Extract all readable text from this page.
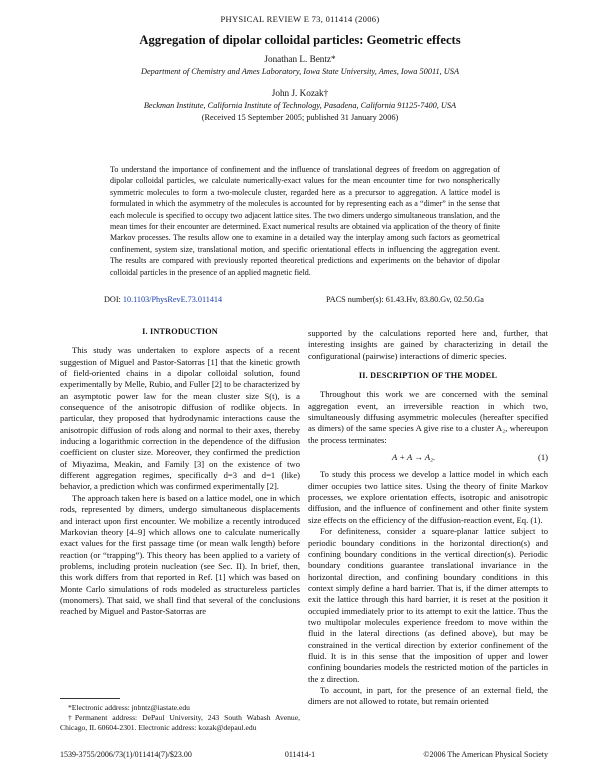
PHYSICAL REVIEW E 73, 011414 (2006)
Aggregation of dipolar colloidal particles: Geometric effects
Jonathan L. Bentz*
Department of Chemistry and Ames Laboratory, Iowa State University, Ames, Iowa 50011, USA
John J. Kozak†
Beckman Institute, California Institute of Technology, Pasadena, California 91125-7400, USA
(Received 15 September 2005; published 31 January 2006)
To understand the importance of confinement and the influence of translational degrees of freedom on aggregation of dipolar colloidal particles, we calculate numerically-exact values for the mean encounter time for two nonspherically symmetric molecules to form a two-molecule cluster, regarded here as a precursor to aggregation. A lattice model is formulated in which the asymmetry of the molecules is accounted for by representing each as a “dimer” in the sense that each molecule is specified to occupy two adjacent lattice sites. The two dimers undergo simultaneous translation, and the mean times for their encounter are determined. Exact numerical results are obtained via application of the theory of finite Markov processes. The results allow one to examine in a detailed way the interplay among such factors as geometrical confinement, system size, translational motion, and specific orientational effects in influencing the aggregation event. The results are compared with previously reported theoretical predictions and experiments on the behavior of dipolar colloidal particles in the presence of an applied magnetic field.
DOI: 10.1103/PhysRevE.73.011414	PACS number(s): 61.43.Hv, 83.80.Gv, 02.50.Ga

I. INTRODUCTION

This study was undertaken to explore aspects of a recent suggestion of Miguel and Pastor-Satorras [1] that the kinetic growth of field-oriented chains in a dipolar colloidal solution, found experimentally by Melle, Rubio, and Fuller [2] to be characterized by an asymptotic power law for the mean cluster size S(t), is a consequence of the anisotropic diffusion of rodlike objects. In particular, they proposed that hydrodynamic interactions cause the anisotropic diffusion of rods along and normal to their axes, thereby inducing a logarithmic correction in the dependence of the diffusion coefficient on cluster size. Moreover, they confirmed the prediction of Miyazima, Meakin, and Family [3] on the existence of two different aggregation regimes, specifically d=3 and d=1 (like) behavior, a prediction which was confirmed experimentally [2].

The approach taken here is based on a lattice model, one in which rods, represented by dimers, undergo simultaneous displacements and interact upon first encounter. We mobilize a recently introduced Markovian theory [4–9] which allows one to calculate numerically exact values for the first passage time (or mean walk length) before reaction (or “trapping”). This theory has been applied to a variety of problems, including protein nucleation (see Sec. II). In brief, then, this work differs from that reported in Ref. [1] which was based on Monte Carlo simulations of rods modeled as structureless particles (monomers). That said, we shall find that several of the conclusions reached by Miguel and Pastor-Satorras are

*Electronic address: jnbntz@iastate.edu

†Permanent address: DePaul University, 243 South Wabash Avenue, Chicago, IL 60604-2301. Electronic address: kozak@depaul.edu

supported by the calculations reported here and, further, that interesting insights are gained by characterizing in detail the configurational (pairwise) interactions of dimeric species.

II. DESCRIPTION OF THE MODEL

Throughout this work we are concerned with the seminal aggregation event, an irreversible reaction in which two, simultaneously diffusing asymmetric molecules (hereafter specified as dimers) of the same species A give rise to a cluster A₂, whereupon the process terminates:

A + A → A₂.	(1)

To study this process we develop a lattice model in which each dimer occupies two lattice sites. Using the theory of finite Markov processes, we explore orientation effects, isotropic and anisotropic diffusion, and the influence of confinement and other finite system size effects on the efficiency of the diffusion-reaction event, Eq. (1).

For definiteness, consider a square-planar lattice subject to periodic boundary conditions in the horizontal direction(s) and confining boundary conditions in the vertical direction(s). Periodic boundary conditions guarantee translational invariance in the horizontal direction, and confining boundary conditions in this context simply define a hard barrier. That is, if the dimer attempts to exit the lattice through this hard barrier, it is reset at the position it occupied immediately prior to its attempt to exit the lattice. Thus the two multipolar molecules experience freedom to move within the fluid in the lateral directions (as defined above), but may be constrained in the vertical direction by exterior confinement of the fluid. It is in this sense that the imposition of upper and lower confining boundaries models the restricted motion of the particles in the z direction.

To account, in part, for the presence of an external field, the dimers are not allowed to rotate, but remain oriented

1539-3755/2006/73(1)/011414(7)/$23.00	011414-1	©2006 The American Physical Society
